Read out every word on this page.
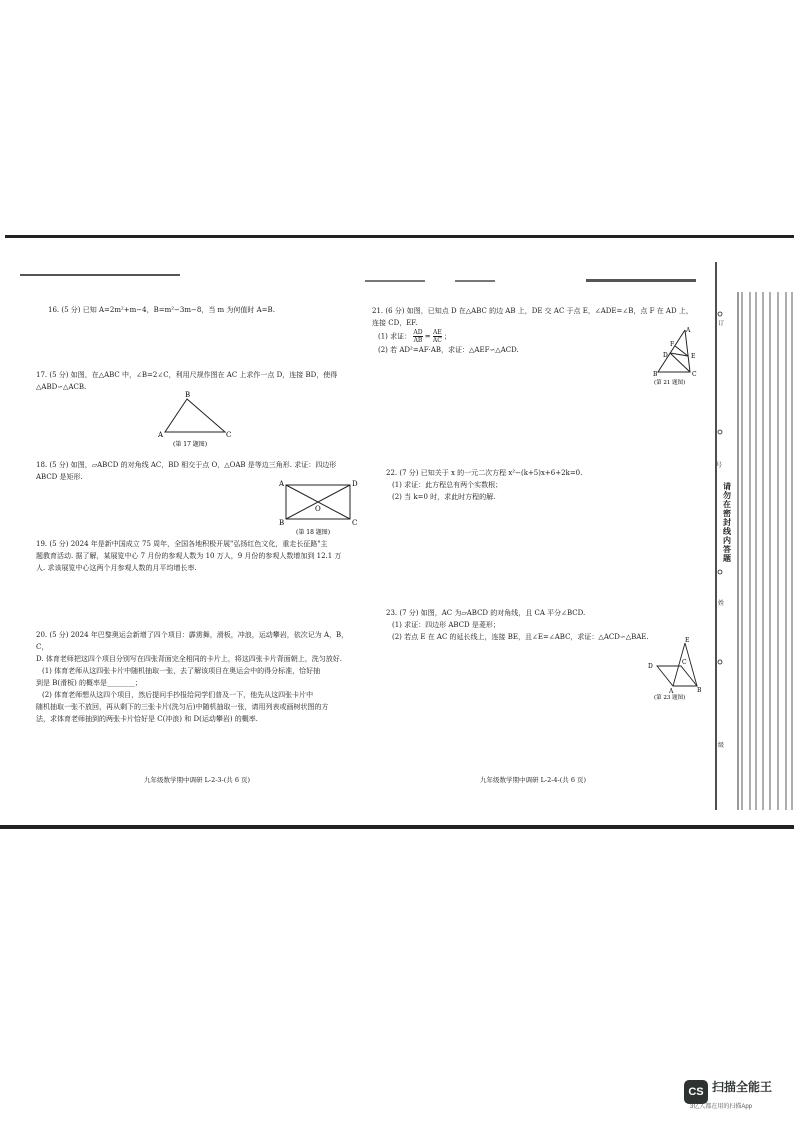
16. (5 分) 已知 A=2m²+m−4，B=m²−3m−8，当 m 为何值时 A=B.

17. (5 分) 如图，在△ABC 中，∠B=2∠C，利用尺规作图在 AC 上求作一点 D，连接 BD，使得

△ABD∽△ACB.

B
A	C
(第 17 题图)

18. (5 分) 如图，▱ABCD 的对角线 AC，BD 相交于点 O，△OAB 是等边三角形. 求证：四边形

ABCD 是矩形.

A	D
O
B	C
(第 18 题图)

19. (5 分) 2024 年是新中国成立 75 周年，全国各地积极开展"弘扬红色文化，重走长征路"主

题教育活动. 据了解，某展览中心 7 月份的参观人数为 10 万人，9 月份的参观人数增加到 12.1 万

人. 求该展览中心这两个月参观人数的月平均增长率.

20. (5 分) 2024 年巴黎奥运会新增了四个项目：霹雳舞，滑板，冲浪，运动攀岩，依次记为 A，B，C，

D. 体育老师把这四个项目分别写在四张背面完全相同的卡片上，将这四张卡片背面朝上，洗匀放好.

(1) 体育老师从这四张卡片中随机抽取一张，去了解该项目在奥运会中的得分标准，恰好抽

到是 B(滑板) 的概率是________；

(2) 体育老师想从这四个项目，然后提问手抄报给同学们普及一下，他先从这四张卡片中

随机抽取一张不放回，再从剩下的三张卡片(洗匀后)中随机抽取一张，请用列表或画树状图的方

法，求体育老师抽到的两张卡片恰好是 C(冲浪) 和 D(运动攀岩) 的概率.

九年级数学期中调研 L-2-3-(共 6 页)

21. (6 分) 如图，已知点 D 在△ABC 的边 AB 上，DE 交 AC 于点 E，∠ADE=∠B，点 F 在 AD 上，

连接 CD，EF.

(1) 求证： $\frac{AD}{AB} = \frac{AE}{AC}$ ；

(2) 若 AD²=AF·AB，求证：△AEF∽△ACD.

A
F
D	E
B	C
(第 21 题图)

22. (7 分) 已知关于 x 的一元二次方程 x²−(k+5)x+6+2k=0.

(1) 求证：此方程总有两个实数根；

(2) 当 k=0 时，求此时方程的解.

23. (7 分) 如图，AC 为▱ABCD 的对角线，且 CA 平分∠BCD.

(1) 求证：四边形 ABCD 是菱形；

(2) 若点 E 在 AC 的延长线上，连接 BE，且∠E=∠ABC，求证：△ACD∽△BAE.	E
D
C
A	B
(第 23 题图)
九年级数学期中调研 L-2-4-(共 6 页)
请勿在密封线内答题
订
号
姓
级
CS 扫描全能王
3亿人都在用的扫描App
